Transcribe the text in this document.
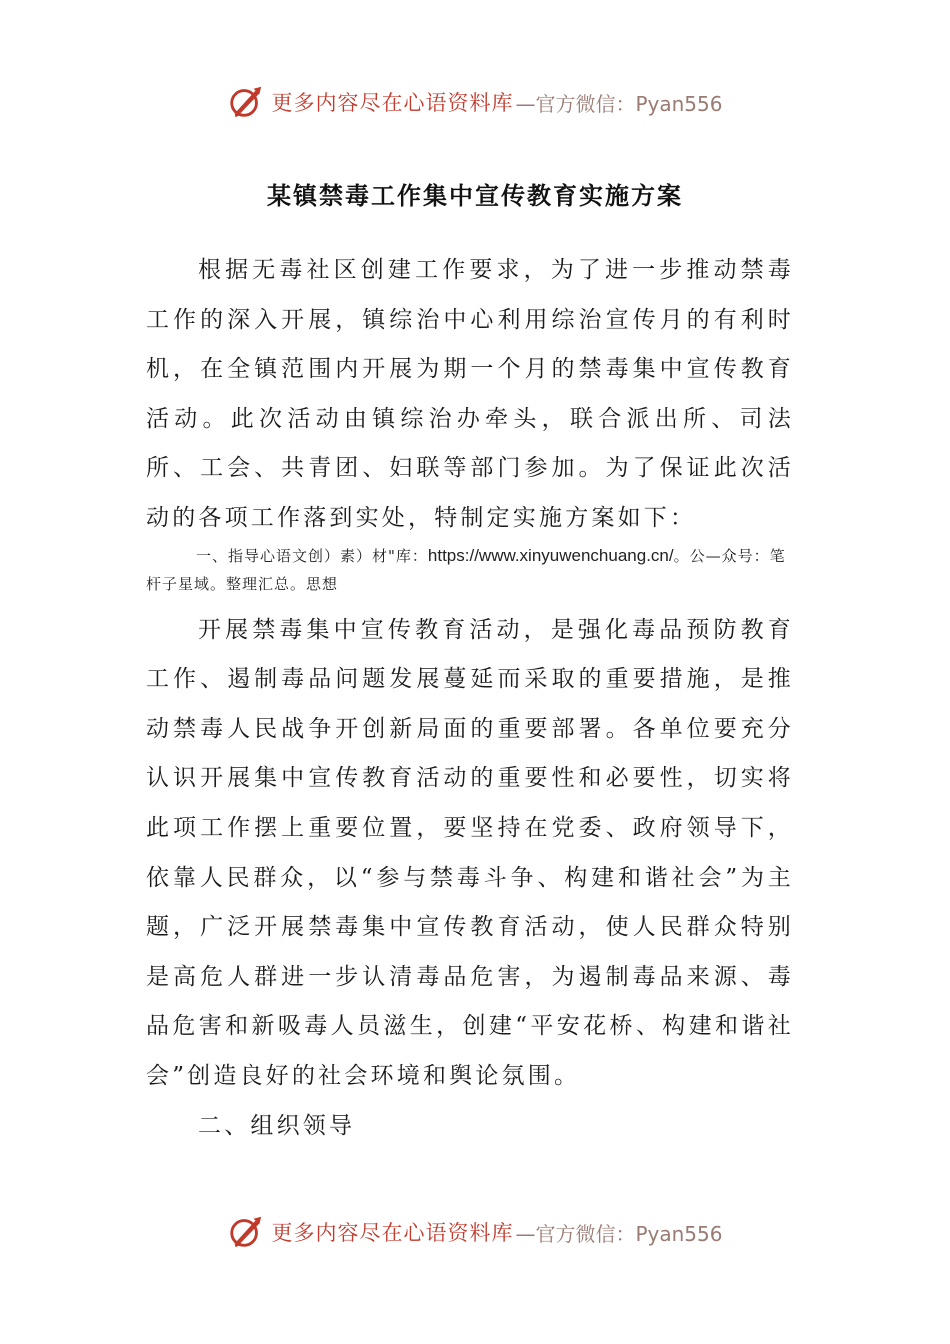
更多内容尽在心语资料库 —官方微信：Pyan556
某镇禁毒工作集中宣传教育实施方案

根据无毒社区创建工作要求，为了进一步推动禁毒工作的深入开展，镇综治中心利用综治宣传月的有利时机，在全镇范围内开展为期一个月的禁毒集中宣传教育活动。此次活动由镇综治办牵头，联合派出所、司法所、工会、共青团、妇联等部门参加。为了保证此次活动的各项工作落到实处，特制定实施方案如下：

一、指导心语文创）素）材"库：https://www.xinyuwenchuang.cn/。公—众号：笔杆子星域。整理汇总。思想

开展禁毒集中宣传教育活动，是强化毒品预防教育工作、遏制毒品问题发展蔓延而采取的重要措施，是推动禁毒人民战争开创新局面的重要部署。各单位要充分认识开展集中宣传教育活动的重要性和必要性，切实将此项工作摆上重要位置，要坚持在党委、政府领导下，依靠人民群众，以“参与禁毒斗争、构建和谐社会”为主题，广泛开展禁毒集中宣传教育活动，使人民群众特别是高危人群进一步认清毒品危害，为遏制毒品来源、毒品危害和新吸毒人员滋生，创建“平安花桥、构建和谐社会”创造良好的社会环境和舆论氛围。

二、组织领导

更多内容尽在心语资料库 —官方微信：Pyan556
